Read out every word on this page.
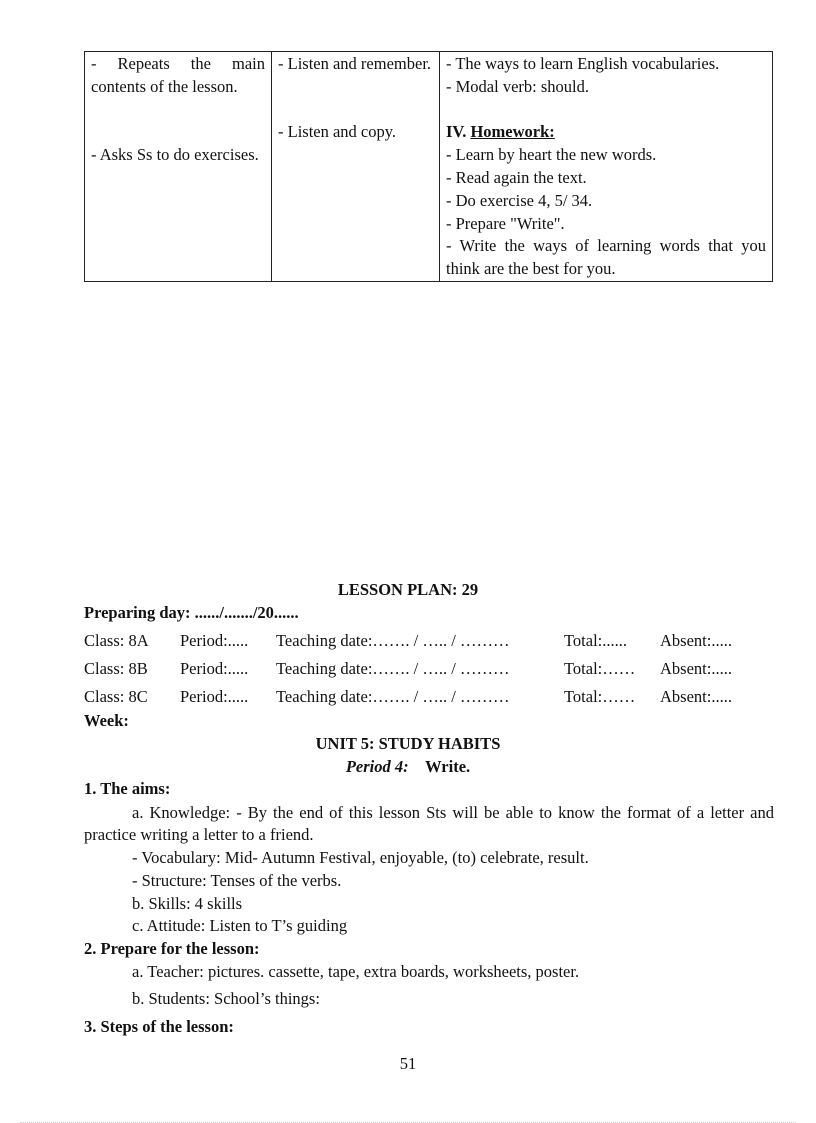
- Repeats the main contents of the lesson.
- Asks Ss to do exercises.

- Listen and remember.
- Listen and copy.

- The ways to learn English vocabularies.
- Modal verb: should.
IV. Homework:
- Learn by heart the new words.
- Read again the text.
- Do exercise 4, 5/ 34.
- Prepare "Write".
- Write the ways of learning words that you think are the best for you.
LESSON PLAN: 29
Preparing day: ....../......./20......
Class: 8A Period:..... Teaching date:……. / ….. / ………	Total:...... Absent:.....
Class: 8B Period:..... Teaching date:……. / ….. / ………	Total:…… Absent:.....
Class: 8C Period:..... Teaching date:……. / ….. / ………	Total:…… Absent:.....
Week:
UNIT 5: STUDY HABITS
Period 4: Write.
1. The aims:
a. Knowledge: - By the end of this lesson Sts will be able to know the format of a letter and practice writing a letter to a friend.
- Vocabulary: Mid- Autumn Festival, enjoyable, (to) celebrate, result.
- Structure: Tenses of the verbs.
b. Skills: 4 skills
c. Attitude: Listen to T’s guiding
2. Prepare for the lesson:
a. Teacher: pictures. cassette, tape, extra boards, worksheets, poster.
b. Students: School’s things:
3. Steps of the lesson:
51
